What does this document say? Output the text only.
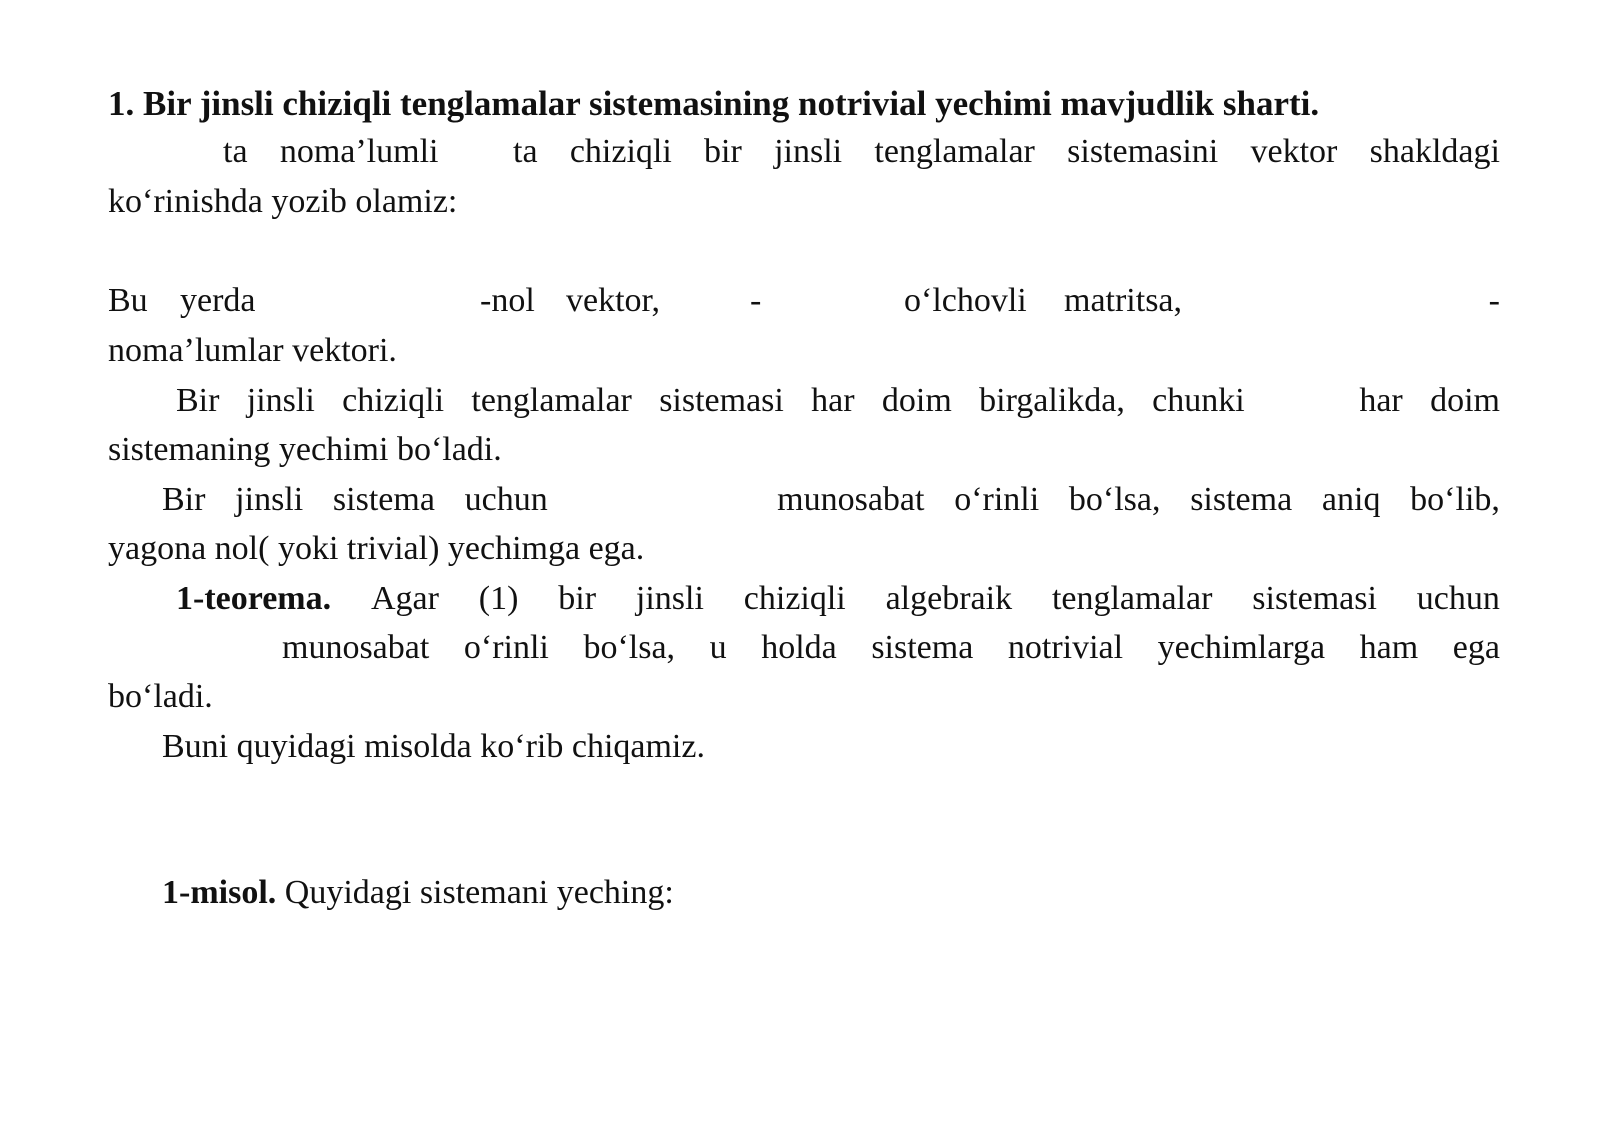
1. Bir jinsli chiziqli tenglamalar sistemasining notrivial yechimi mavjudlik sharti.
ta noma’lumli ta chiziqli bir jinsli tenglamalar sistemasini vektor shakldagi
ko‘rinishda yozib olamiz:
Bu yerda	-nol vektor,	-	o‘lchovli matritsa,	-
noma’lumlar vektori.
Bir jinsli chiziqli tenglamalar sistemasi har doim birgalikda, chunki	har doim
sistemaning yechimi bo‘ladi.
Bir jinsli sistema uchun	munosabat o‘rinli bo‘lsa, sistema aniq bo‘lib,
yagona nol( yoki trivial) yechimga ega.
1-teorema. Agar (1) bir jinsli chiziqli algebraik tenglamalar sistemasi uchun
munosabat o‘rinli bo‘lsa, u holda sistema notrivial yechimlarga ham ega
bo‘ladi.
Buni quyidagi misolda ko‘rib chiqamiz.
1-misol. Quyidagi sistemani yeching:
